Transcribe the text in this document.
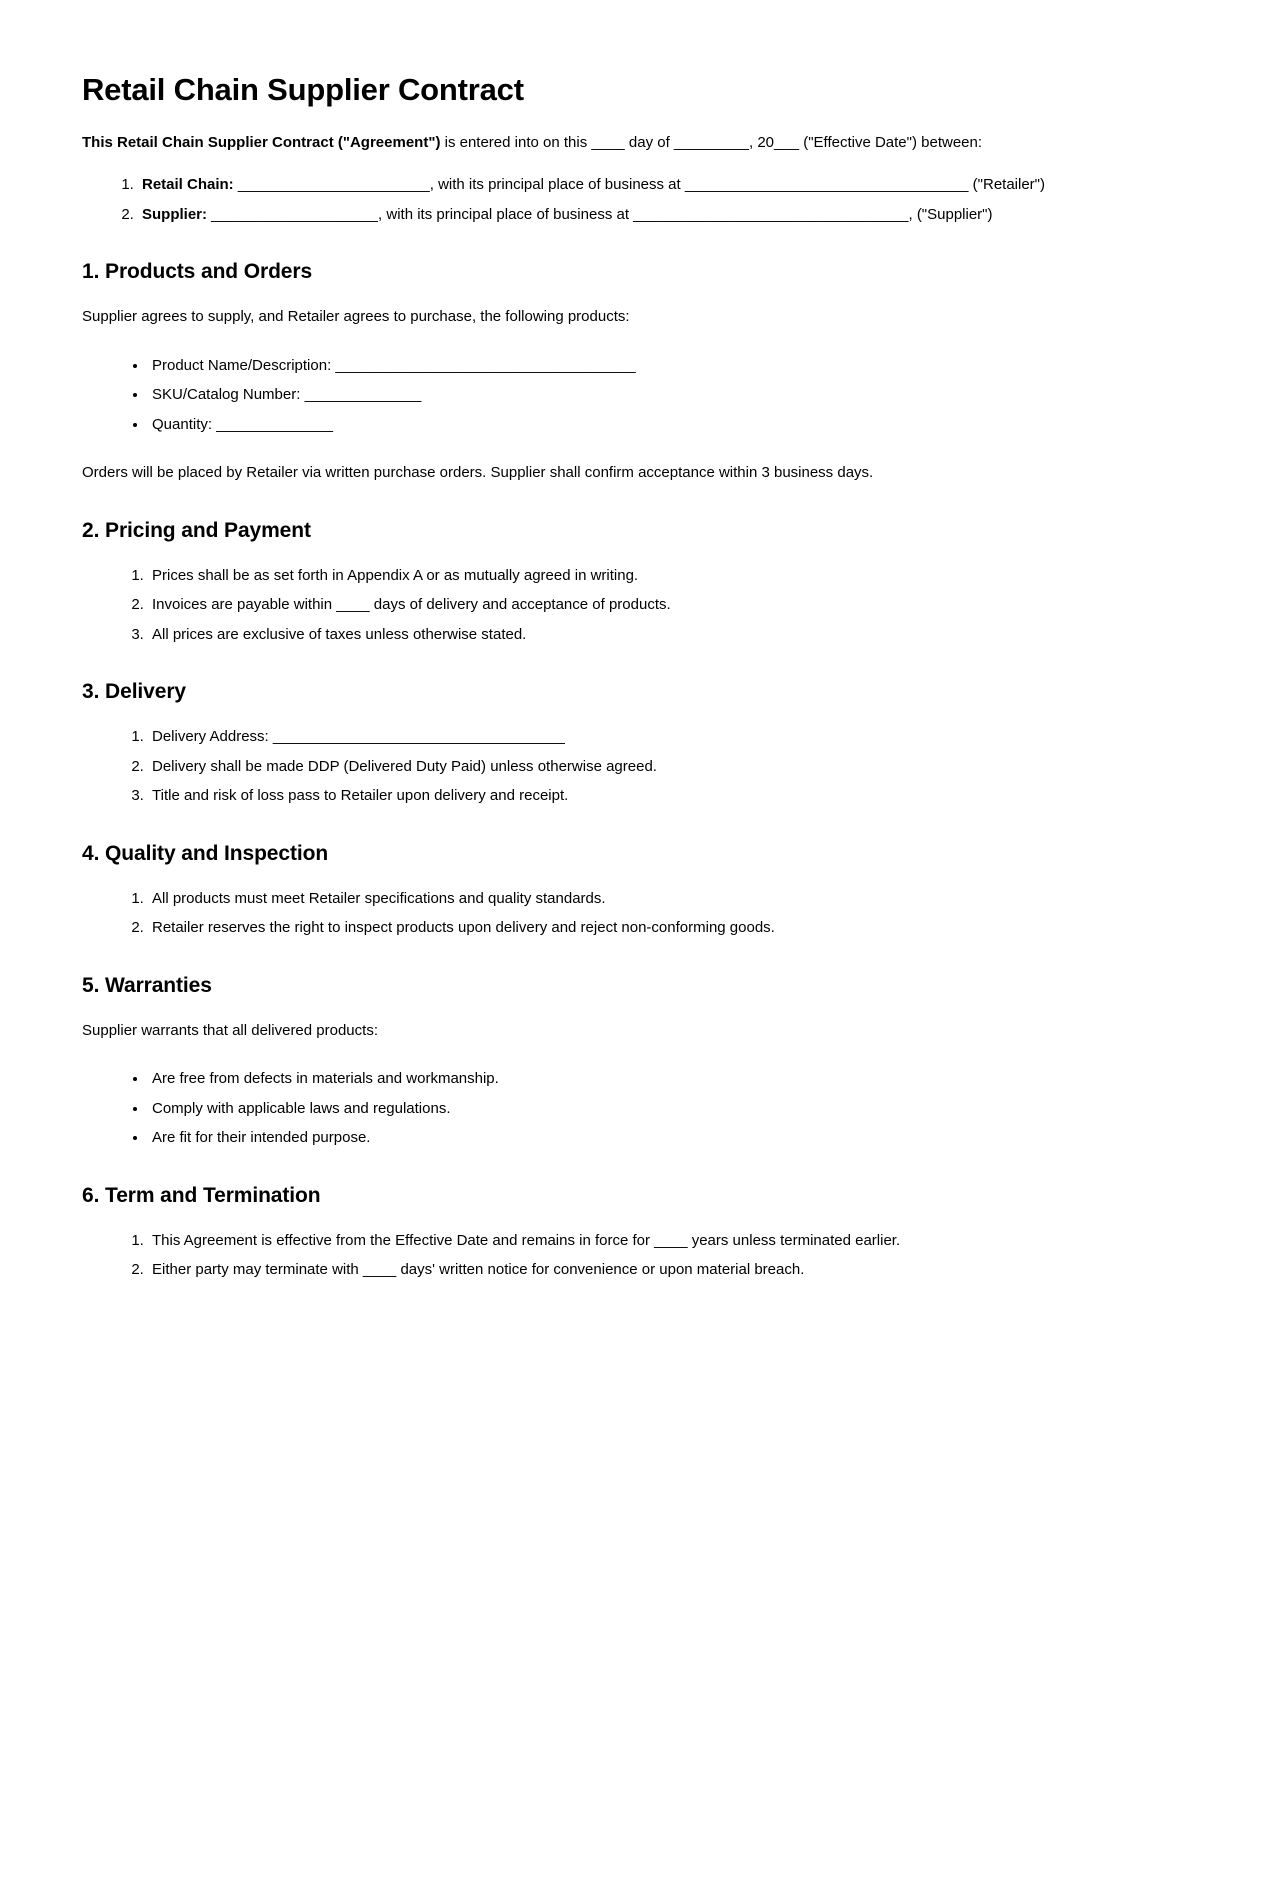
Retail Chain Supplier Contract

This Retail Chain Supplier Contract ("Agreement") is entered into on this ____ day of _________, 20___ ("Effective Date") between:

1. Retail Chain: _______________________, with its principal place of business at __________________________________ ("Retailer")
2. Supplier: ____________________, with its principal place of business at _________________________________, ("Supplier")
1. Products and Orders

Supplier agrees to supply, and Retailer agrees to purchase, the following products:

• Product Name/Description: ____________________________________
• SKU/Catalog Number: ______________
• Quantity: ______________

Orders will be placed by Retailer via written purchase orders. Supplier shall confirm acceptance within 3 business days.

2. Pricing and Payment
1. Prices shall be as set forth in Appendix A or as mutually agreed in writing.
2. Invoices are payable within ____ days of delivery and acceptance of products.
3. All prices are exclusive of taxes unless otherwise stated.
3. Delivery
1. Delivery Address: ___________________________________
2. Delivery shall be made DDP (Delivered Duty Paid) unless otherwise agreed.
3. Title and risk of loss pass to Retailer upon delivery and receipt.
4. Quality and Inspection
1. All products must meet Retailer specifications and quality standards.
2. Retailer reserves the right to inspect products upon delivery and reject non-conforming goods.
5. Warranties

Supplier warrants that all delivered products:

• Are free from defects in materials and workmanship.
• Comply with applicable laws and regulations.
• Are fit for their intended purpose.
6. Term and Termination
1. This Agreement is effective from the Effective Date and remains in force for ____ years unless terminated earlier.
2. Either party may terminate with ____ days' written notice for convenience or upon material breach.
